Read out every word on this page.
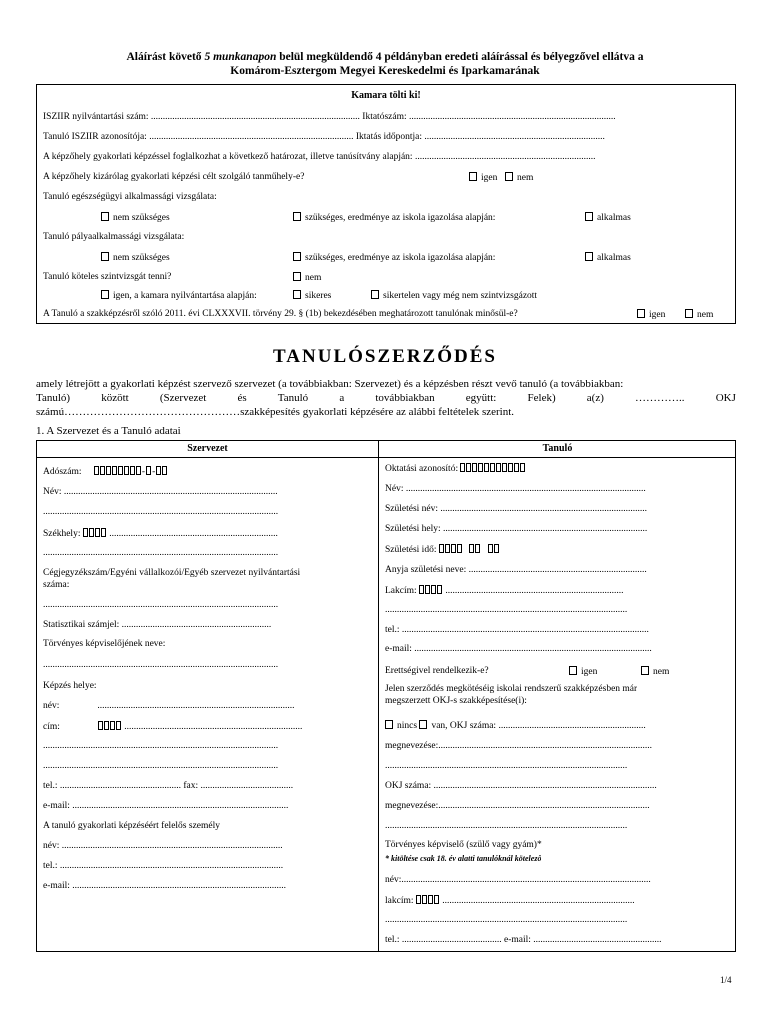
Aláírást követő 5 munkanapon belül megküldendő 4 példányban eredeti aláírással és bélyegzővel ellátva a
Komárom-Esztergom Megyei Kereskedelmi és Iparkamarának
Kamara tölti ki!
ISZIIR nyilvántartási szám: ........................................................................................ Iktatószám: .......................................................................................
Tanuló ISZIIR azonosítója: ...................................................................................... Iktatás időpontja: ............................................................................
A képzőhely gyakorlati képzéssel foglalkozhat a következő határozat, illetve tanúsítvány alapján: ............................................................................
A képzőhely kizárólag gyakorlati képzési célt szolgáló tanműhely-e?	igen	nem
Tanuló egészségügyi alkalmassági vizsgálata:
nem szükséges	szükséges, eredménye az iskola igazolása alapján:	alkalmas
Tanuló pályaalkalmassági vizsgálata:
nem szükséges	szükséges, eredménye az iskola igazolása alapján:	alkalmas
Tanuló köteles szintvizsgát tenni?	nem
igen, a kamara nyilvántartása alapján:	sikeres	sikertelen vagy még nem szintvizsgázott
A Tanuló a szakképzésről szóló 2011. évi CLXXXVII. törvény 29. § (1b) bekezdésében meghatározott tanulónak minősül-e?	igen	nem
TANULÓSZERZŐDÉS
amely létrejött a gyakorlati képzést szervező szervezet (a továbbiakban: Szervezet) és a képzésben részt vevő tanuló (a továbbiakban:
Tanuló)	között	(Szervezet	és	Tanuló	a	továbbiakban	együtt:	Felek)	a(z)	…………..	OKJ
számú…………………………………………szakképesítés gyakorlati képzésére az alábbi feltételek szerint.
1. A Szervezet és a Tanuló adatai
Szervezet	Tanuló
Adószám:	- -
Név: ..........................................................................................
...................................................................................................
Székhely:	.......................................................................
...................................................................................................
Cégjegyzékszám/Egyéni vállalkozói/Egyéb szervezet nyilvántartási
száma:
...................................................................................................
Statisztikai számjel: ...............................................................
Törvényes képviselőjének neve:
...................................................................................................
Képzés helye:
név:	...................................................................................
cím:	...........................................................................
...................................................................................................
...................................................................................................
tel.: ................................................... fax: .......................................
e-mail: ...........................................................................................
A tanuló gyakorlati képzéséért felelős személy
név: .............................................................................................
tel.: ..............................................................................................
e-mail: ..........................................................................................
Oktatási azonosító:
Név: .....................................................................................................
Születési név: .......................................................................................
Születési hely: ......................................................................................
Születési idő:
Anyja születési neve: ...........................................................................
Lakcím:	...........................................................................
......................................................................................................
tel.: ........................................................................................................
e-mail: ....................................................................................................
Érettségivel rendelkezik-e?	igen	nem
Jelen szerződés megkötéséig iskolai rendszerű szakképzésben már
megszerzett OKJ-s szakképesítése(i):
nincs van, OKJ száma: ..............................................................
megnevezése:..........................................................................................
......................................................................................................
OKJ száma: ..............................................................................................
megnevezése:.........................................................................................
......................................................................................................
Törvényes képviselő (szülő vagy gyám)*
* kitöltése csak 18. év alatti tanulóknál kötelező
név:.........................................................................................................
lakcím:	.................................................................................
......................................................................................................
tel.: .......................................... e-mail: ......................................................
1/4
